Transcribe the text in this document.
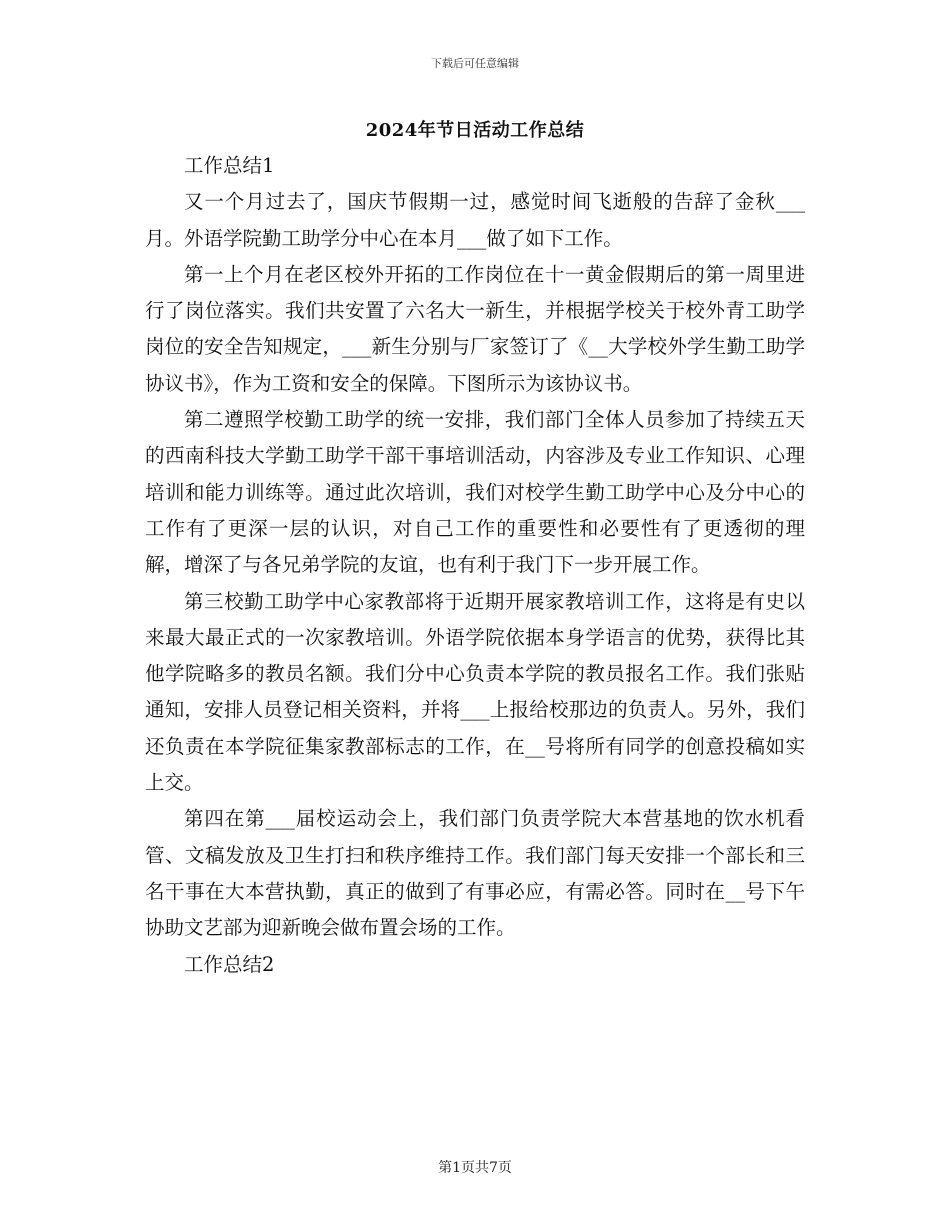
下载后可任意编辑
2024年节日活动工作总结

工作总结1

又一个月过去了，国庆节假期一过，感觉时间飞逝般的告辞了金秋___月。外语学院勤工助学分中心在本月___做了如下工作。

第一上个月在老区校外开拓的工作岗位在十一黄金假期后的第一周里进行了岗位落实。我们共安置了六名大一新生，并根据学校关于校外青工助学岗位的安全告知规定，___新生分别与厂家签订了《__大学校外学生勤工助学协议书》，作为工资和安全的保障。下图所示为该协议书。

第二遵照学校勤工助学的统一安排，我们部门全体人员参加了持续五天的西南科技大学勤工助学干部干事培训活动，内容涉及专业工作知识、心理培训和能力训练等。通过此次培训，我们对校学生勤工助学中心及分中心的工作有了更深一层的认识，对自己工作的重要性和必要性有了更透彻的理解，增深了与各兄弟学院的友谊，也有利于我门下一步开展工作。

第三校勤工助学中心家教部将于近期开展家教培训工作，这将是有史以来最大最正式的一次家教培训。外语学院依据本身学语言的优势，获得比其他学院略多的教员名额。我们分中心负责本学院的教员报名工作。我们张贴通知，安排人员登记相关资料，并将___上报给校那边的负责人。另外，我们还负责在本学院征集家教部标志的工作，在__号将所有同学的创意投稿如实上交。

第四在第___届校运动会上，我们部门负责学院大本营基地的饮水机看管、文稿发放及卫生打扫和秩序维持工作。我们部门每天安排一个部长和三名干事在大本营执勤，真正的做到了有事必应，有需必答。同时在__号下午协助文艺部为迎新晚会做布置会场的工作。

工作总结2

第1页共7页
